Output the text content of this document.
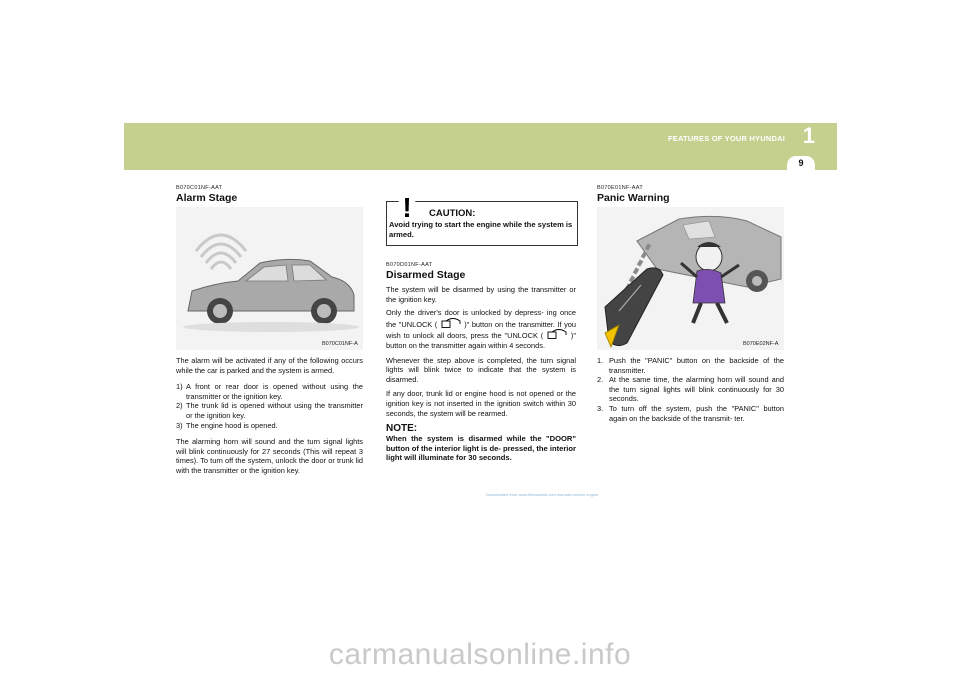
FEATURES OF YOUR HYUNDAI 1
9
B070C01NF-AAT
Alarm Stage
B070C01NF-A
The alarm will be activated if any of the following occurs while the car is parked and the system is armed.
1) A front or rear door is opened without using the transmitter or the ignition key.
2) The trunk lid is opened without using the transmitter or the ignition key.
3) The engine hood is opened.
The alarming horn will sound and the turn signal lights will blink continuously for 27 seconds (This will repeat 3 times). To turn off the system, unlock the door or trunk lid with the transmitter or the ignition key.
! CAUTION:
Avoid trying to start the engine while the system is armed.
B070D01NF-AAT
Disarmed Stage
The system will be disarmed by using the transmitter or the ignition key.
Only the driver's door is unlocked by depress- ing once the "UNLOCK (	)" button on the transmitter. If you wish to unlock all doors, press the "UNLOCK (	)" button on the transmitter again within 4 seconds.
Whenever the step above is completed, the turn signal lights will blink twice to indicate that the system is disarmed.
If any door, trunk lid or engine hood is not opened or the ignition key is not inserted in the ignition switch within 30 seconds, the system will be rearmed.
NOTE:
When the system is disarmed while the "DOOR" button of the interior light is de- pressed, the interior light will illuminate for 30 seconds.
Downloaded from www.Manualslib.com manuals search engine
B070E01NF-AAT
Panic Warning
B070E02NF-A
1. Push the "PANIC" button on the backside of the transmitter.
2. At the same time, the alarming horn will sound and the turn signal lights will blink continuously for 30 seconds.
3. To turn off the system, push the "PANIC" button again on the backside of the transmit- ter.
carmanualsonline.info
